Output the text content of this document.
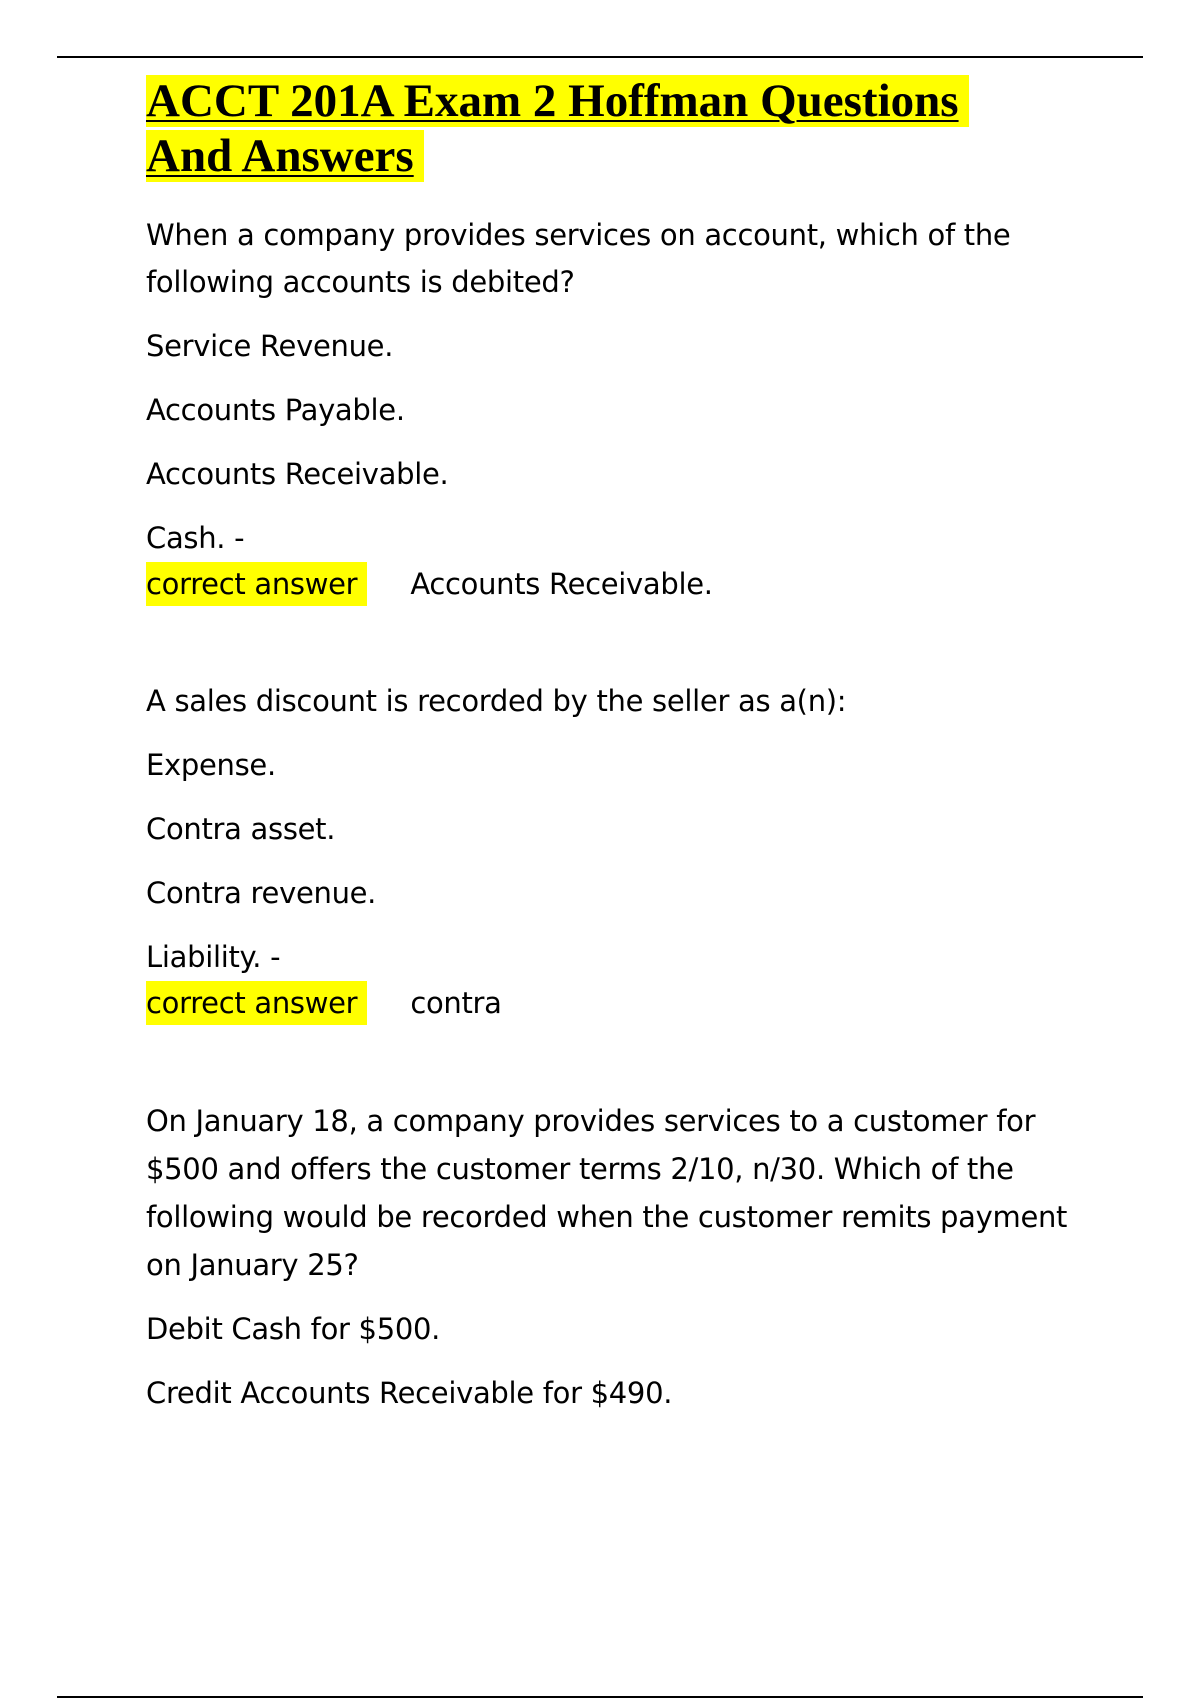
ACCT 201A Exam 2 Hoffman Questions
And Answers

When a company provides services on account, which of the following accounts is debited?

Service Revenue.

Accounts Payable.

Accounts Receivable.

Cash. -

correct answer	Accounts Receivable.

A sales discount is recorded by the seller as a(n):

Expense.

Contra asset.

Contra revenue.

Liability. -

correct answer	contra

On January 18, a company provides services to a customer for $500 and offers the customer terms 2/10, n/30. Which of the following would be recorded when the customer remits payment on January 25?

Debit Cash for $500.

Credit Accounts Receivable for $490.
